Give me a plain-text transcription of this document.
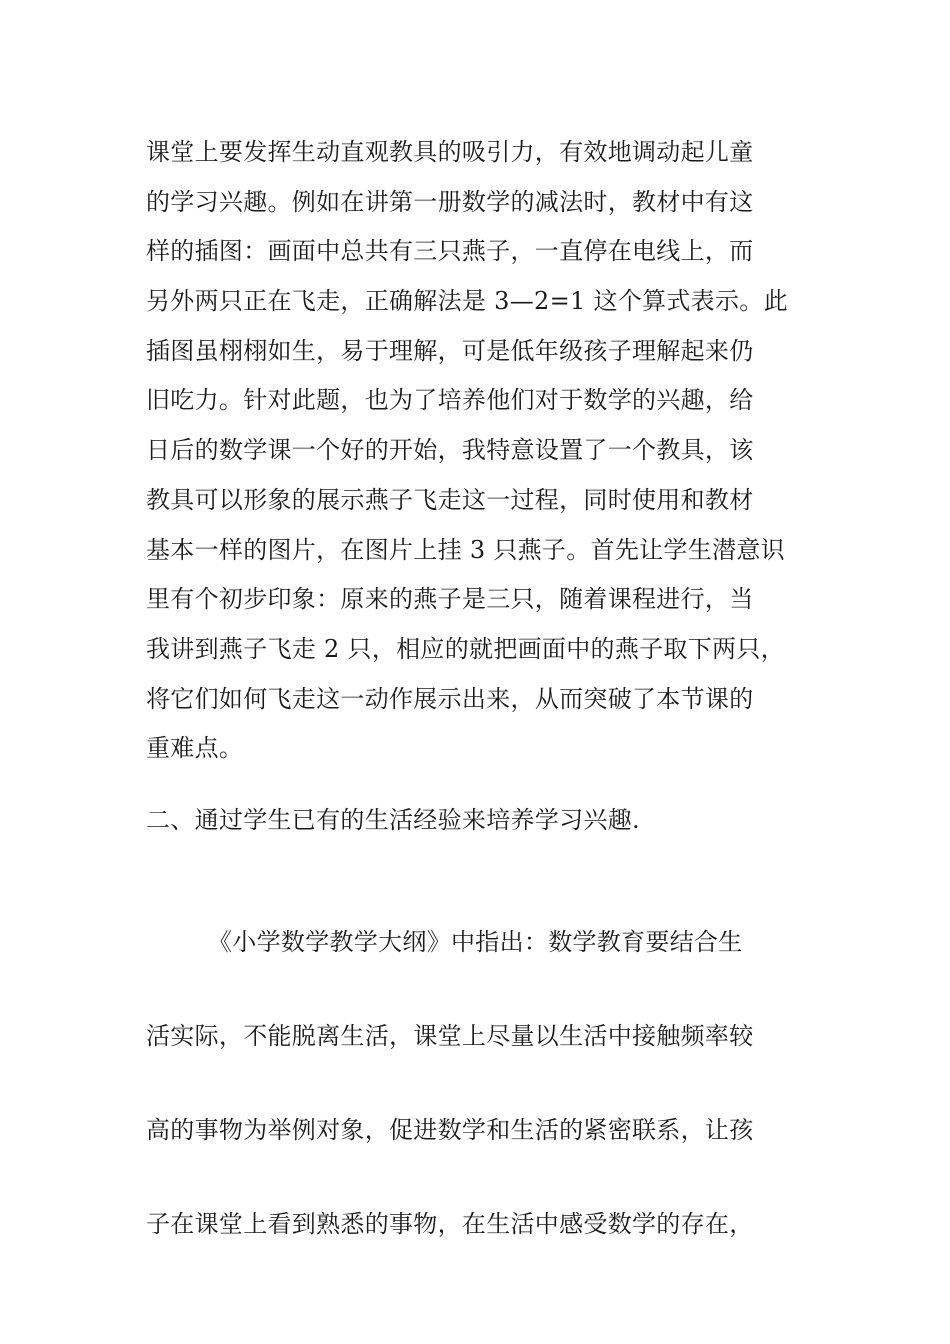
课堂上要发挥生动直观教具的吸引力，有效地调动起儿童
的学习兴趣。例如在讲第一册数学的减法时，教材中有这
样的插图：画面中总共有三只燕子，一直停在电线上，而
另外两只正在飞走，正确解法是 3—2=1 这个算式表示。此
插图虽栩栩如生，易于理解，可是低年级孩子理解起来仍
旧吃力。针对此题，也为了培养他们对于数学的兴趣，给
日后的数学课一个好的开始，我特意设置了一个教具，该
教具可以形象的展示燕子飞走这一过程，同时使用和教材
基本一样的图片，在图片上挂 3 只燕子。首先让学生潜意识
里有个初步印象：原来的燕子是三只，随着课程进行，当
我讲到燕子飞走 2 只，相应的就把画面中的燕子取下两只，
将它们如何飞走这一动作展示出来，从而突破了本节课的
重难点。
二、通过学生已有的生活经验来培养学习兴趣.
《小学数学教学大纲》中指出：数学教育要结合生
活实际，不能脱离生活，课堂上尽量以生活中接触频率较
高的事物为举例对象，促进数学和生活的紧密联系，让孩
子在课堂上看到熟悉的事物，在生活中感受数学的存在，
